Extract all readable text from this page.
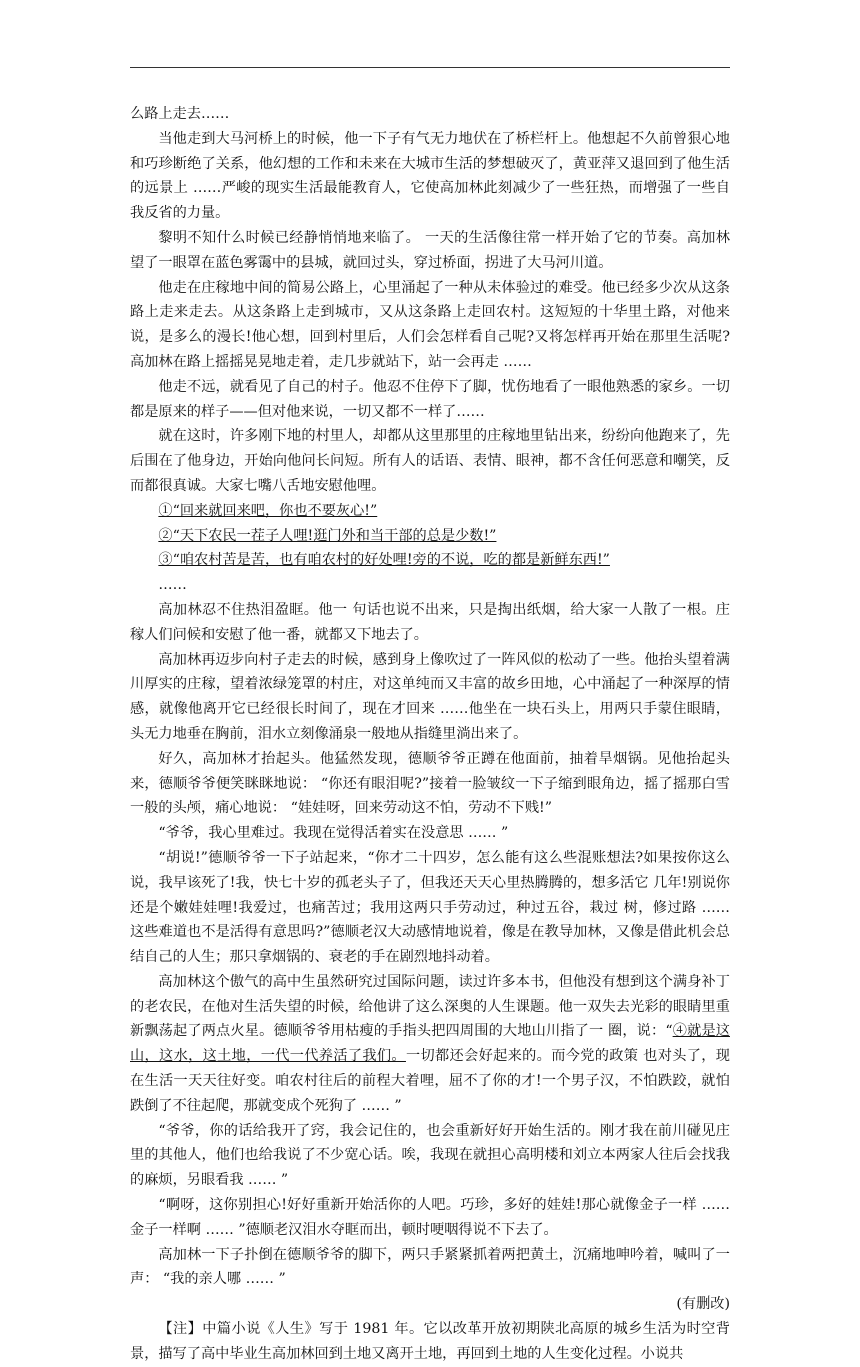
么路上走去……

当他走到大马河桥上的时候，他一下子有气无力地伏在了桥栏杆上。他想起不久前曾狠心地和巧珍断绝了关系，他幻想的工作和未来在大城市生活的梦想破灭了，黄亚萍又退回到了他生活的远景上 ……严峻的现实生活最能教育人，它使高加林此刻减少了一些狂热，而增强了一些自我反省的力量。

黎明不知什么时候已经静悄悄地来临了。 一天的生活像往常一样开始了它的节奏。高加林望了一眼罩在蓝色雾霭中的县城，就回过头，穿过桥面，拐进了大马河川道。

他走在庄稼地中间的简易公路上，心里涌起了一种从未体验过的难受。他已经多少次从这条路上走来走去。从这条路上走到城市，又从这条路上走回农村。这短短的十华里土路，对他来说，是多么的漫长!他心想，回到村里后，人们会怎样看自己呢?又将怎样再开始在那里生活呢?高加林在路上摇摇晃晃地走着，走几步就站下，站一会再走 ……

他走不远，就看见了自己的村子。他忍不住停下了脚，忧伤地看了一眼他熟悉的家乡。一切都是原来的样子——但对他来说，一切又都不一样了……

就在这时，许多刚下地的村里人，却都从这里那里的庄稼地里钻出来，纷纷向他跑来了，先后围在了他身边，开始向他问长问短。所有人的话语、表情、眼神，都不含任何恶意和嘲笑，反而都很真诚。大家七嘴八舌地安慰他哩。

①“回来就回来吧，你也不要灰心!”

②“天下农民一茬子人哩!逛门外和当干部的总是少数!”

③“咱农村苦是苦，也有咱农村的好处哩!旁的不说，吃的都是新鲜东西!”

……

高加林忍不住热泪盈眶。他一 句话也说不出来，只是掏出纸烟，给大家一人散了一根。庄稼人们问候和安慰了他一番，就都又下地去了。

高加林再迈步向村子走去的时候，感到身上像吹过了一阵风似的松动了一些。他抬头望着满川厚实的庄稼，望着浓绿笼罩的村庄，对这单纯而又丰富的故乡田地，心中涌起了一种深厚的情感，就像他离开它已经很长时间了，现在才回来 ……他坐在一块石头上，用两只手蒙住眼睛，头无力地垂在胸前，泪水立刻像涌泉一般地从指缝里淌出来了。

好久，高加林才抬起头。他猛然发现，德顺爷爷正蹲在他面前，抽着旱烟锅。见他抬起头来，德顺爷爷便笑眯眯地说： “你还有眼泪呢?”接着一脸皱纹一下子缩到眼角边，摇了摇那白雪一般的头颅，痛心地说： “娃娃呀，回来劳动这不怕，劳动不下贱!”

“爷爷，我心里难过。我现在觉得活着实在没意思 …… ”

“胡说!”德顺爷爷一下子站起来，“你才二十四岁，怎么能有这么些混账想法?如果按你这么说，我早该死了!我，快七十岁的孤老头子了，但我还天天心里热腾腾的，想多活它 几年!别说你还是个嫩娃娃哩!我爱过，也痛苦过；我用这两只手劳动过，种过五谷，栽过 树，修过路 …… 这些难道也不是活得有意思吗?”德顺老汉大动感情地说着，像是在教导加林，又像是借此机会总结自己的人生；那只拿烟锅的、衰老的手在剧烈地抖动着。

高加林这个傲气的高中生虽然研究过国际问题，读过许多本书，但他没有想到这个满身补丁的老农民，在他对生活失望的时候，给他讲了这么深奥的人生课题。他一双失去光彩的眼睛里重新飘荡起了两点火星。德顺爷爷用枯瘦的手指头把四周围的大地山川指了一 圈，说：“④就是这山，这水，这土地，一代一代养活了我们。一切都还会好起来的。而今党的政策 也对头了，现在生活一天天往好变。咱农村往后的前程大着哩，屈不了你的才!一个男子汉，不怕跌跤，就怕跌倒了不往起爬，那就变成个死狗了 …… ”

“爷爷，你的话给我开了窍，我会记住的，也会重新好好开始生活的。刚才我在前川碰见庄里的其他人，他们也给我说了不少宽心话。唉，我现在就担心高明楼和刘立本两家人往后会找我的麻烦，另眼看我 …… ”

“啊呀，这你别担心!好好重新开始活你的人吧。巧珍，多好的娃娃!那心就像金子一样 ……金子一样啊 …… ”德顺老汉泪水夺眶而出，顿时哽咽得说不下去了。

高加林一下子扑倒在德顺爷爷的脚下，两只手紧紧抓着两把黄土，沉痛地呻吟着，喊叫了一声： “我的亲人哪 …… ”

(有删改)

【注】中篇小说《人生》写于 1981 年。它以改革开放初期陕北高原的城乡生活为时空背景，描写了高中毕业生高加林回到土地又离开土地，再回到土地的人生变化过程。小说共
